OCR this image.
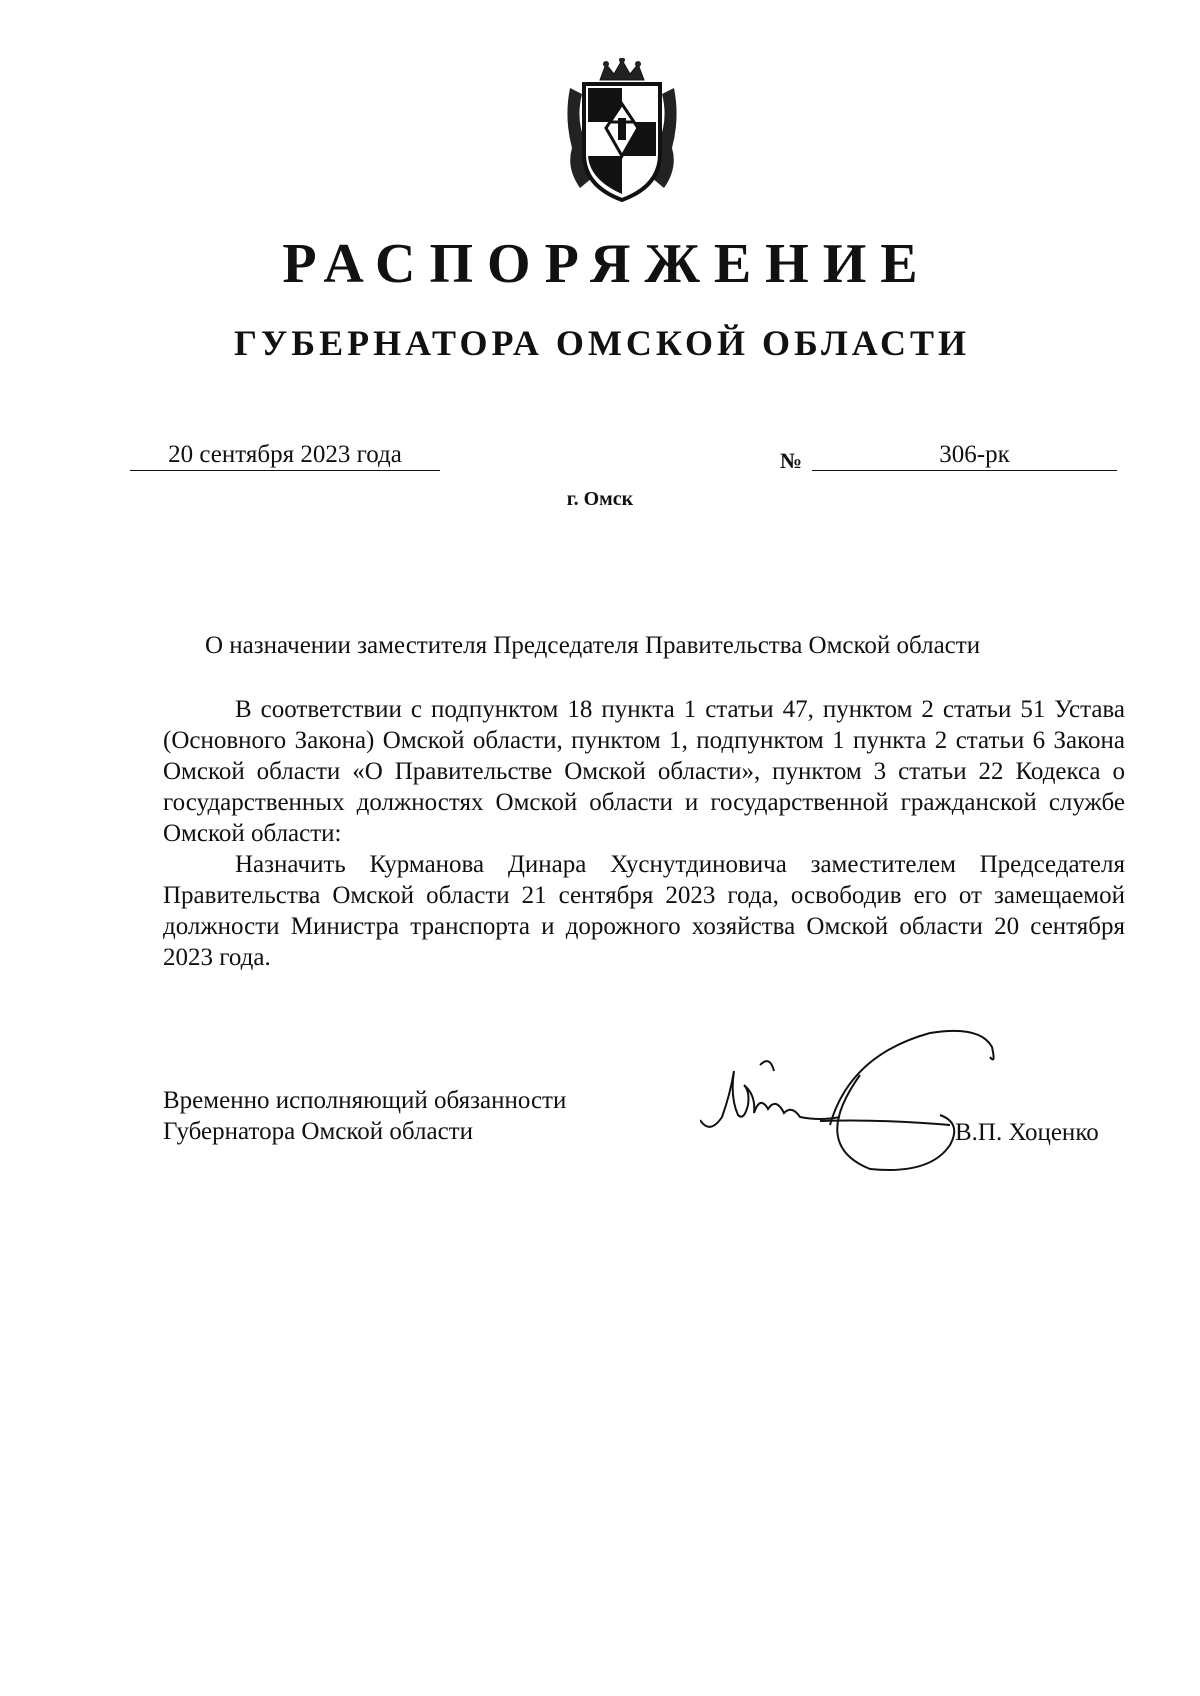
РАСПОРЯЖЕНИЕ
ГУБЕРНАТОРА ОМСКОЙ ОБЛАСТИ
20 сентября 2023 года	№	306-рк
г. Омск
О назначении заместителя Председателя Правительства Омской области

В соответствии с подпунктом 18 пункта 1 статьи 47, пунктом 2 статьи 51 Устава (Основного Закона) Омской области, пунктом 1, подпунктом 1 пункта 2 статьи 6 Закона Омской области «О Правительстве Омской области», пунктом 3 статьи 22 Кодекса о государственных должностях Омской области и государственной гражданской службе Омской области:

Назначить Курманова Динара Хуснутдиновича заместителем Председателя Правительства Омской области 21 сентября 2023 года, освободив его от замещаемой должности Министра транспорта и дорожного хозяйства Омской области 20 сентября 2023 года.

Временно исполняющий обязанности
Губернатора Омской области	В.П. Хоценко
